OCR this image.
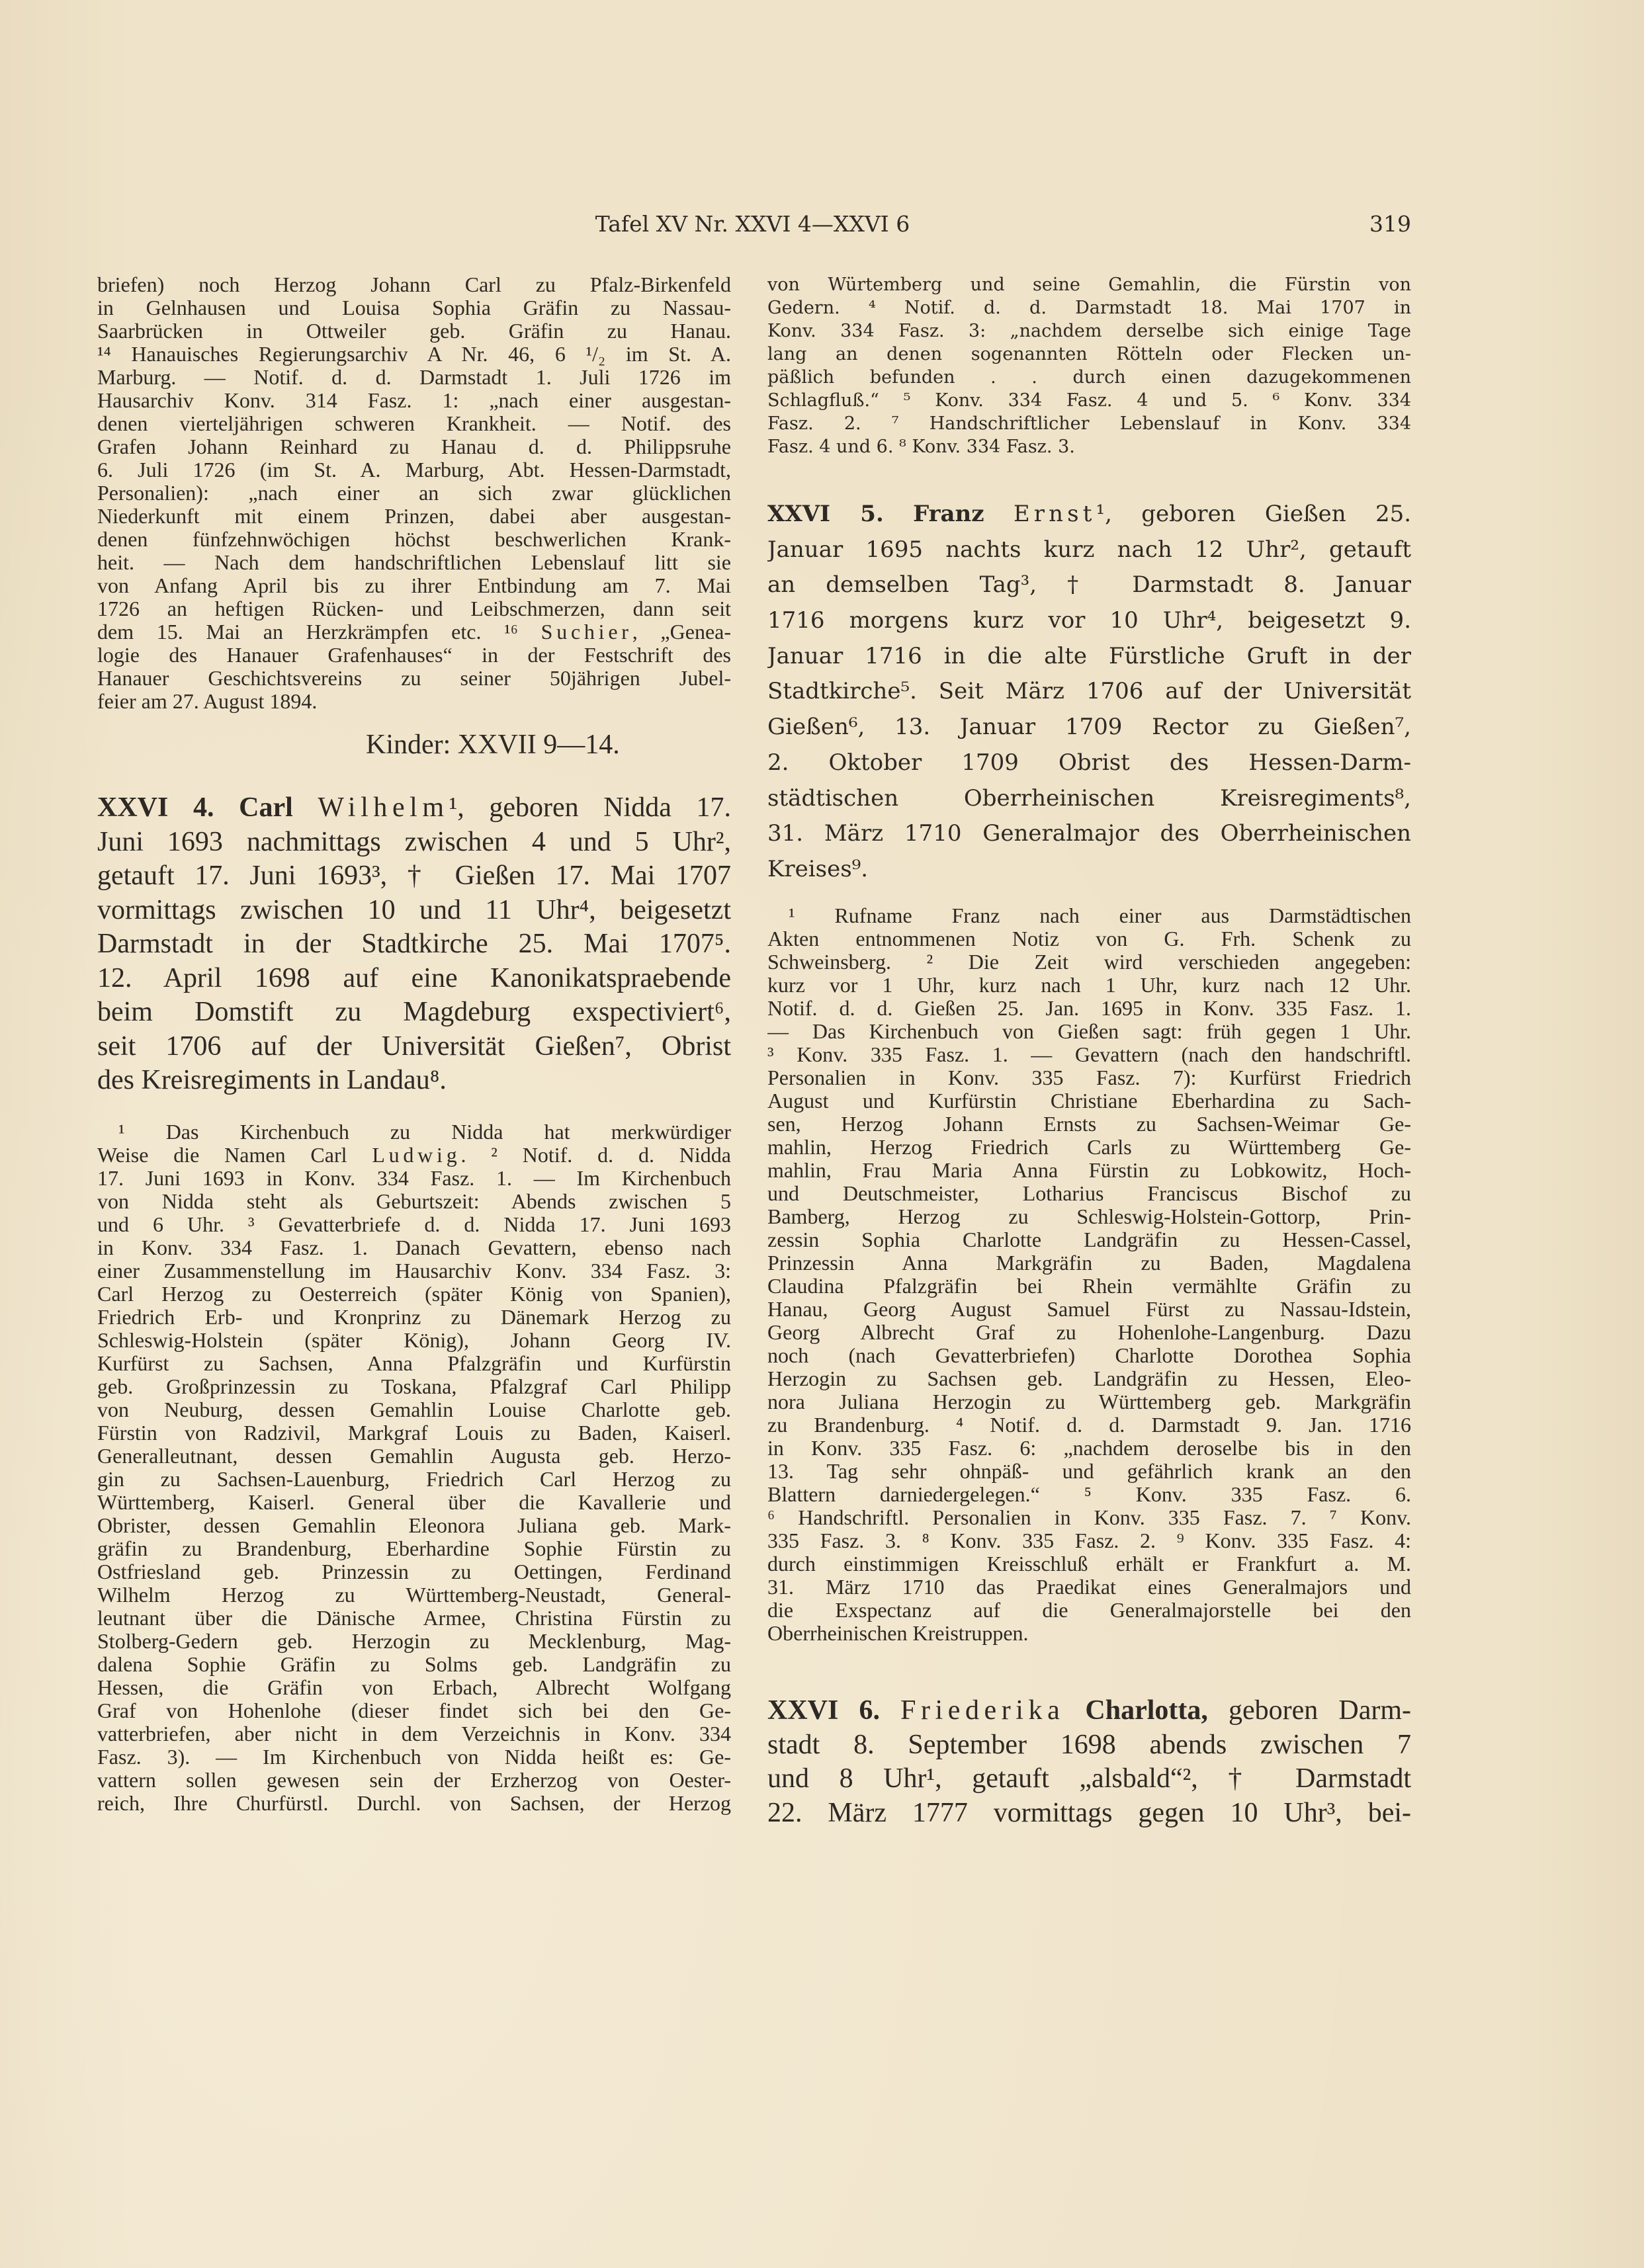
Tafel XV Nr. XXVI 4—XXVI 6	319
briefen) noch Herzog Johann Carl zu Pfalz-Birkenfeld
in Gelnhausen und Louisa Sophia Gräfin zu Nassau-
Saarbrücken in Ottweiler geb. Gräfin zu Hanau.
¹⁴ Hanauisches Regierungsarchiv A Nr. 46, 6 ¹/₂ im St. A.
Marburg. — Notif. d. d. Darmstadt 1. Juli 1726 im
Hausarchiv Konv. 314 Fasz. 1: „nach einer ausgestan-
denen vierteljährigen schweren Krankheit. — Notif. des
Grafen Johann Reinhard zu Hanau d. d. Philippsruhe
6. Juli 1726 (im St. A. Marburg, Abt. Hessen-Darmstadt,
Personalien): „nach einer an sich zwar glücklichen
Niederkunft mit einem Prinzen, dabei aber ausgestan-
denen fünfzehnwöchigen höchst beschwerlichen Krank-
heit. — Nach dem handschriftlichen Lebenslauf litt sie
von Anfang April bis zu ihrer Entbindung am 7. Mai
1726 an heftigen Rücken- und Leibschmerzen, dann seit
dem 15. Mai an Herzkrämpfen etc. ¹⁶ Suchier, „Genea-
logie des Hanauer Grafenhauses“ in der Festschrift des
Hanauer Geschichtsvereins zu seiner 50jährigen Jubel-
feier am 27. August 1894.
Kinder: XXVII 9—14.
XXVI 4. Carl Wilhelm¹, geboren Nidda 17.
Juni 1693 nachmittags zwischen 4 und 5 Uhr²,
getauft 17. Juni 1693³, † Gießen 17. Mai 1707
vormittags zwischen 10 und 11 Uhr⁴, beigesetzt
Darmstadt in der Stadtkirche 25. Mai 1707⁵.
12. April 1698 auf eine Kanonikatspraebende
beim Domstift zu Magdeburg exspectiviert⁶,
seit 1706 auf der Universität Gießen⁷, Obrist
des Kreisregiments in Landau⁸.
¹ Das Kirchenbuch zu Nidda hat merkwürdiger
Weise die Namen Carl Ludwig. ² Notif. d. d. Nidda
17. Juni 1693 in Konv. 334 Fasz. 1. — Im Kirchenbuch
von Nidda steht als Geburtszeit: Abends zwischen 5
und 6 Uhr. ³ Gevatterbriefe d. d. Nidda 17. Juni 1693
in Konv. 334 Fasz. 1. Danach Gevattern, ebenso nach
einer Zusammenstellung im Hausarchiv Konv. 334 Fasz. 3:
Carl Herzog zu Oesterreich (später König von Spanien),
Friedrich Erb- und Kronprinz zu Dänemark Herzog zu
Schleswig-Holstein (später König), Johann Georg IV.
Kurfürst zu Sachsen, Anna Pfalzgräfin und Kurfürstin
geb. Großprinzessin zu Toskana, Pfalzgraf Carl Philipp
von Neuburg, dessen Gemahlin Louise Charlotte geb.
Fürstin von Radzivil, Markgraf Louis zu Baden, Kaiserl.
Generalleutnant, dessen Gemahlin Augusta geb. Herzo-
gin zu Sachsen-Lauenburg, Friedrich Carl Herzog zu
Württemberg, Kaiserl. General über die Kavallerie und
Obrister, dessen Gemahlin Eleonora Juliana geb. Mark-
gräfin zu Brandenburg, Eberhardine Sophie Fürstin zu
Ostfriesland geb. Prinzessin zu Oettingen, Ferdinand
Wilhelm Herzog zu Württemberg-Neustadt, General-
leutnant über die Dänische Armee, Christina Fürstin zu
Stolberg-Gedern geb. Herzogin zu Mecklenburg, Mag-
dalena Sophie Gräfin zu Solms geb. Landgräfin zu
Hessen, die Gräfin von Erbach, Albrecht Wolfgang
Graf von Hohenlohe (dieser findet sich bei den Ge-
vatterbriefen, aber nicht in dem Verzeichnis in Konv. 334
Fasz. 3). — Im Kirchenbuch von Nidda heißt es: Ge-
vattern sollen gewesen sein der Erzherzog von Oester-
reich, Ihre Churfürstl. Durchl. von Sachsen, der Herzog
von Würtemberg und seine Gemahlin, die Fürstin von
Gedern. ⁴ Notif. d. d. Darmstadt 18. Mai 1707 in
Konv. 334 Fasz. 3: „nachdem derselbe sich einige Tage
lang an denen sogenannten Rötteln oder Flecken un-
päßlich befunden . . durch einen dazugekommenen
Schlagfluß.“ ⁵ Konv. 334 Fasz. 4 und 5. ⁶ Konv. 334
Fasz. 2. ⁷ Handschriftlicher Lebenslauf in Konv. 334
Fasz. 4 und 6. ⁸ Konv. 334 Fasz. 3.
XXVI 5. Franz Ernst¹, geboren Gießen 25.
Januar 1695 nachts kurz nach 12 Uhr², getauft
an demselben Tag³, † Darmstadt 8. Januar
1716 morgens kurz vor 10 Uhr⁴, beigesetzt 9.
Januar 1716 in die alte Fürstliche Gruft in der
Stadtkirche⁵. Seit März 1706 auf der Universität
Gießen⁶, 13. Januar 1709 Rector zu Gießen⁷,
2. Oktober 1709 Obrist des Hessen-Darm-
städtischen Oberrheinischen Kreisregiments⁸,
31. März 1710 Generalmajor des Oberrheinischen
Kreises⁹.
¹ Rufname Franz nach einer aus Darmstädtischen
Akten entnommenen Notiz von G. Frh. Schenk zu
Schweinsberg. ² Die Zeit wird verschieden angegeben:
kurz vor 1 Uhr, kurz nach 1 Uhr, kurz nach 12 Uhr.
Notif. d. d. Gießen 25. Jan. 1695 in Konv. 335 Fasz. 1.
— Das Kirchenbuch von Gießen sagt: früh gegen 1 Uhr.
³ Konv. 335 Fasz. 1. — Gevattern (nach den handschriftl.
Personalien in Konv. 335 Fasz. 7): Kurfürst Friedrich
August und Kurfürstin Christiane Eberhardina zu Sach-
sen, Herzog Johann Ernsts zu Sachsen-Weimar Ge-
mahlin, Herzog Friedrich Carls zu Württemberg Ge-
mahlin, Frau Maria Anna Fürstin zu Lobkowitz, Hoch-
und Deutschmeister, Lotharius Franciscus Bischof zu
Bamberg, Herzog zu Schleswig-Holstein-Gottorp, Prin-
zessin Sophia Charlotte Landgräfin zu Hessen-Cassel,
Prinzessin Anna Markgräfin zu Baden, Magdalena
Claudina Pfalzgräfin bei Rhein vermählte Gräfin zu
Hanau, Georg August Samuel Fürst zu Nassau-Idstein,
Georg Albrecht Graf zu Hohenlohe-Langenburg. Dazu
noch (nach Gevatterbriefen) Charlotte Dorothea Sophia
Herzogin zu Sachsen geb. Landgräfin zu Hessen, Eleo-
nora Juliana Herzogin zu Württemberg geb. Markgräfin
zu Brandenburg. ⁴ Notif. d. d. Darmstadt 9. Jan. 1716
in Konv. 335 Fasz. 6: „nachdem deroselbe bis in den
13. Tag sehr ohnpäß- und gefährlich krank an den
Blattern darniedergelegen.“ ⁵ Konv. 335 Fasz. 6.
⁶ Handschriftl. Personalien in Konv. 335 Fasz. 7. ⁷ Konv.
335 Fasz. 3. ⁸ Konv. 335 Fasz. 2. ⁹ Konv. 335 Fasz. 4:
durch einstimmigen Kreisschluß erhält er Frankfurt a. M.
31. März 1710 das Praedikat eines Generalmajors und
die Exspectanz auf die Generalmajorstelle bei den
Oberrheinischen Kreistruppen.
XXVI 6. Friederika Charlotta, geboren Darm-
stadt 8. September 1698 abends zwischen 7
und 8 Uhr¹, getauft „alsbald“², † Darmstadt
22. März 1777 vormittags gegen 10 Uhr³, bei-
